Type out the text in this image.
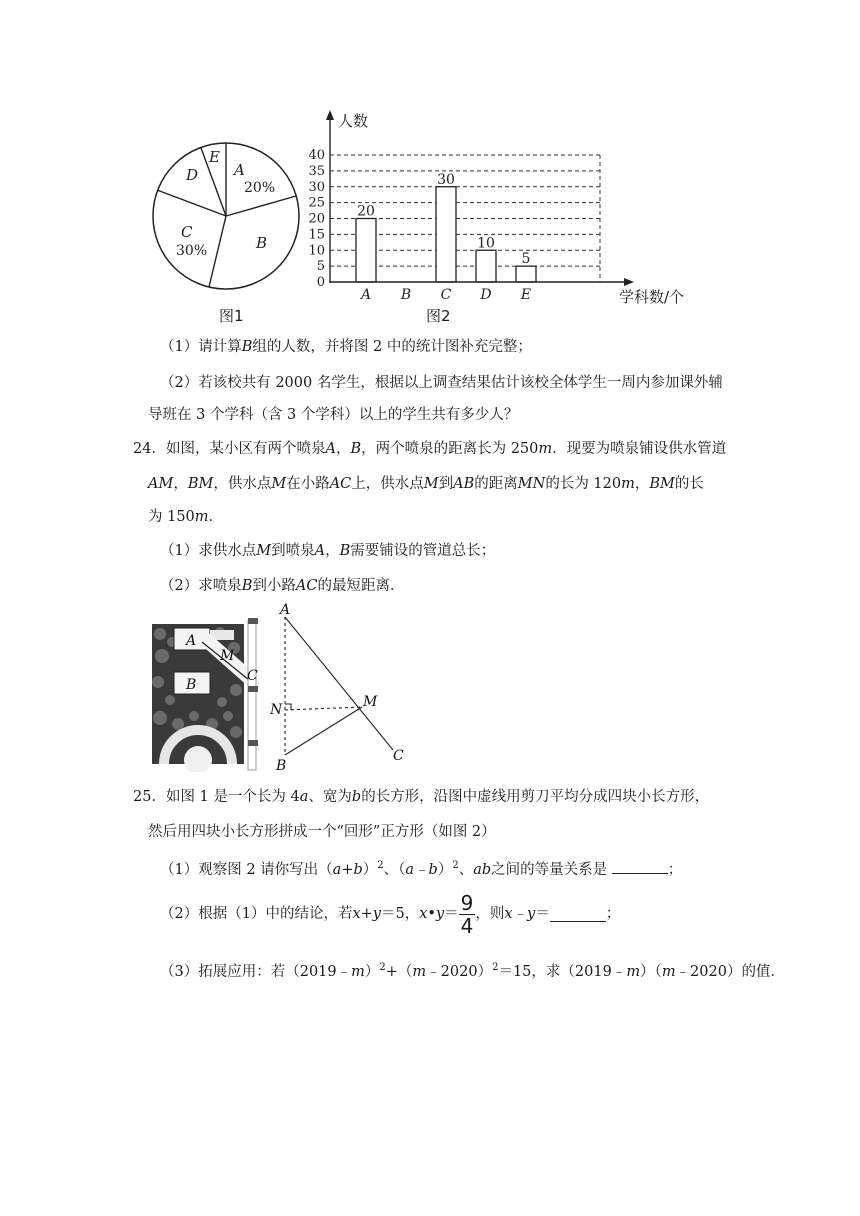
A
B
C
D
E
20%
30%
图1
0
5
10
15
20
25
30
35
40
20
30
10
5
A B C D E
人数
学科数/个
图2
（1）请计算B组的人数，并将图 2 中的统计图补充完整；
（2）若该校共有 2000 名学生，根据以上调查结果估计该校全体学生一周内参加课外辅
导班在 3 个学科（含 3 个学科）以上的学生共有多少人？
24．如图，某小区有两个喷泉A，B，两个喷泉的距离长为 250m．现要为喷泉铺设供水管道
AM，BM，供水点M在小路AC上，供水点M到AB的距离MN的长为 120m，BM的长
为 150m．
（1）求供水点M到喷泉A，B需要铺设的管道总长；
（2）求喷泉B到小路AC的最短距离．
A
M
C
B
A
N	M
B
C
25．如图 1 是一个长为 4a、宽为b的长方形，沿图中虚线用剪刀平均分成四块小长方形，
然后用四块小长方形拼成一个“回形”正方形（如图 2）
（1）观察图 2 请你写出$(a+b)^2$、（a﹣b）$^2$、ab之间的等量关系是	；
（2）根据（1）中的结论，若 x+y ＝5， x•y ＝ $\frac{9}{4}$ ，则 x﹣y ＝	；
（3）拓展应用：若（2019﹣m）$^2$+（m﹣2020）$^2$＝15，求（2019﹣m）（m﹣2020）的值．
